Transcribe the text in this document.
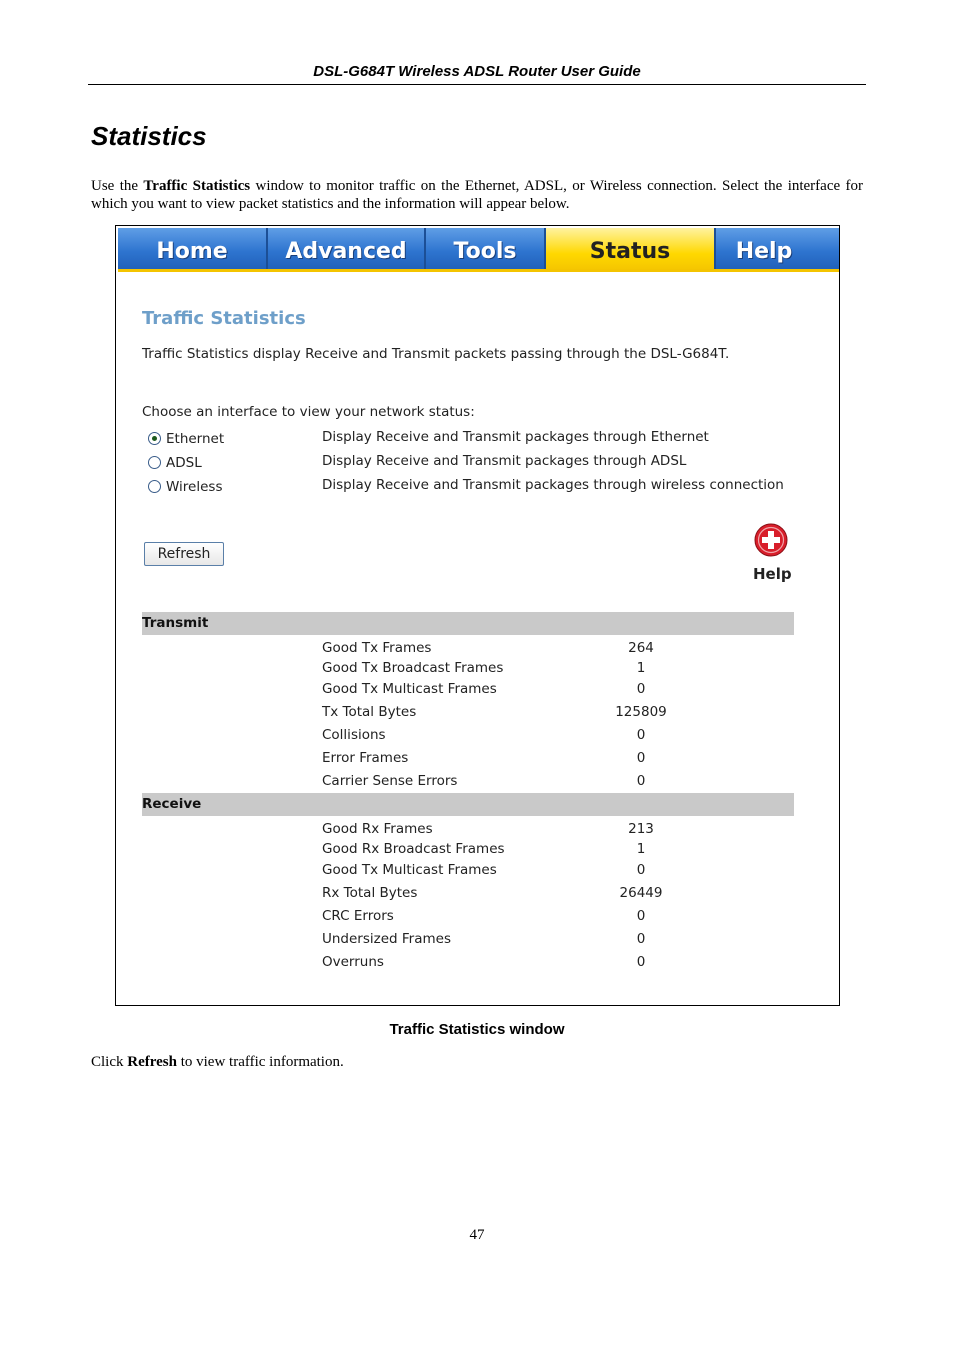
DSL-G684T Wireless ADSL Router User Guide
Statistics
Use the Traffic Statistics window to monitor traffic on the Ethernet, ADSL, or Wireless connection. Select the interface for which you want to view packet statistics and the information will appear below.
Home	Advanced	Tools	Status	Help
Traffic Statistics
Traffic Statistics display Receive and Transmit packets passing through the DSL-G684T.
Choose an interface to view your network status:
Ethernet	Display Receive and Transmit packages through Ethernet
ADSL	Display Receive and Transmit packages through ADSL
Wireless	Display Receive and Transmit packages through wireless connection
Refresh
Help
Transmit
Good Tx Frames	264
Good Tx Broadcast Frames	1
Good Tx Multicast Frames	0
Tx Total Bytes	125809
Collisions	0
Error Frames	0
Carrier Sense Errors	0
Receive
Good Rx Frames	213
Good Rx Broadcast Frames	1
Good Tx Multicast Frames	0
Rx Total Bytes	26449
CRC Errors	0
Undersized Frames	0
Overruns	0
Traffic Statistics window
Click Refresh to view traffic information.
47
